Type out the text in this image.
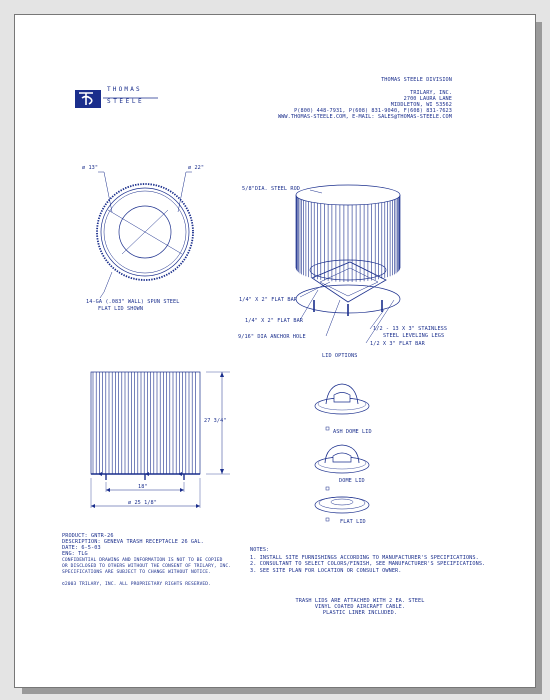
THOMAS
STEELE
THOMAS STEELE DIVISION
TRILARY, INC.
2700 LAURA LANE
MIDDLETON, WI 53562
P(800) 448-7931, P(608) 831-9040, F(608) 831-7623
WWW.THOMAS-STEELE.COM, E-MAIL: SALES@THOMAS-STEELE.COM
ø 13"	ø 22"
14-GA (.083" WALL) SPUN STEEL
FLAT LID SHOWN
5/8"DIA. STEEL ROD
1/4" X 2" FLAT BAR
1/4" X 2" FLAT BAR
9/16" DIA ANCHOR HOLE
1/2 - 13 X 3" STAINLESS
STEEL LEVELING LEGS
1/2 X 3" FLAT BAR
27 3/4"
18"
ø 25 1/8"
LID OPTIONS
ASH DOME LID
DOME LID
FLAT LID
PRODUCT: GNTR-26
DESCRIPTION: GENEVA TRASH RECEPTACLE 26 GAL.
DATE: 6-5-03
ENG: TLG
CONFIDENTIAL DRAWING AND INFORMATION IS NOT TO BE COPIED
OR DISCLOSED TO OTHERS WITHOUT THE CONSENT OF TRILARY, INC.
SPECIFICATIONS ARE SUBJECT TO CHANGE WITHOUT NOTICE.
©2003 TRILARY, INC. ALL PROPRIETARY RIGHTS RESERVED.
NOTES:
1. INSTALL SITE FURNISHINGS ACCORDING TO MANUFACTURER'S SPECIFICATIONS.
2. CONSULTANT TO SELECT COLORS/FINISH, SEE MANUFACTURER'S SPECIFICATIONS.
3. SEE SITE PLAN FOR LOCATION OR CONSULT OWNER.
TRASH LIDS ARE ATTACHED WITH 2 EA. STEEL
VINYL COATED AIRCRAFT CABLE.
PLASTIC LINER INCLUDED.
